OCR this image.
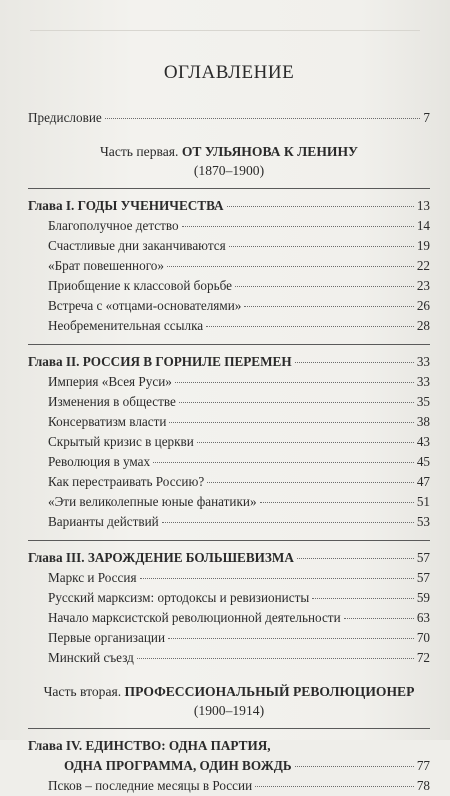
ОГЛАВЛЕНИЕ
Предисловие	7
Часть первая. ОТ УЛЬЯНОВА К ЛЕНИНУ
(1870–1900)
Глава I. ГОДЫ УЧЕНИЧЕСТВА	13
Благополучное детство	14
Счастливые дни заканчиваются	19
«Брат повешенного»	22
Приобщение к классовой борьбе	23
Встреча с «отцами-основателями»	26
Необременительная ссылка	28
Глава II. РОССИЯ В ГОРНИЛЕ ПЕРЕМЕН	33
Империя «Всея Руси»	33
Изменения в обществе	35
Консерватизм власти	38
Скрытый кризис в церкви	43
Революция в умах	45
Как перестраивать Россию?	47
«Эти великолепные юные фанатики»	51
Варианты действий	53
Глава III. ЗАРОЖДЕНИЕ БОЛЬШЕВИЗМА	57
Маркс и Россия	57
Русский марксизм: ортодоксы и ревизионисты	59
Начало марксистской революционной деятельности	63
Первые организации	70
Минский съезд	72
Часть вторая. ПРОФЕССИОНАЛЬНЫЙ РЕВОЛЮЦИОНЕР
(1900–1914)
Глава IV. ЕДИНСТВО: ОДНА ПАРТИЯ,
ОДНА ПРОГРАММА, ОДИН ВОЖДЬ	77
Псков – последние месяцы в России	78
